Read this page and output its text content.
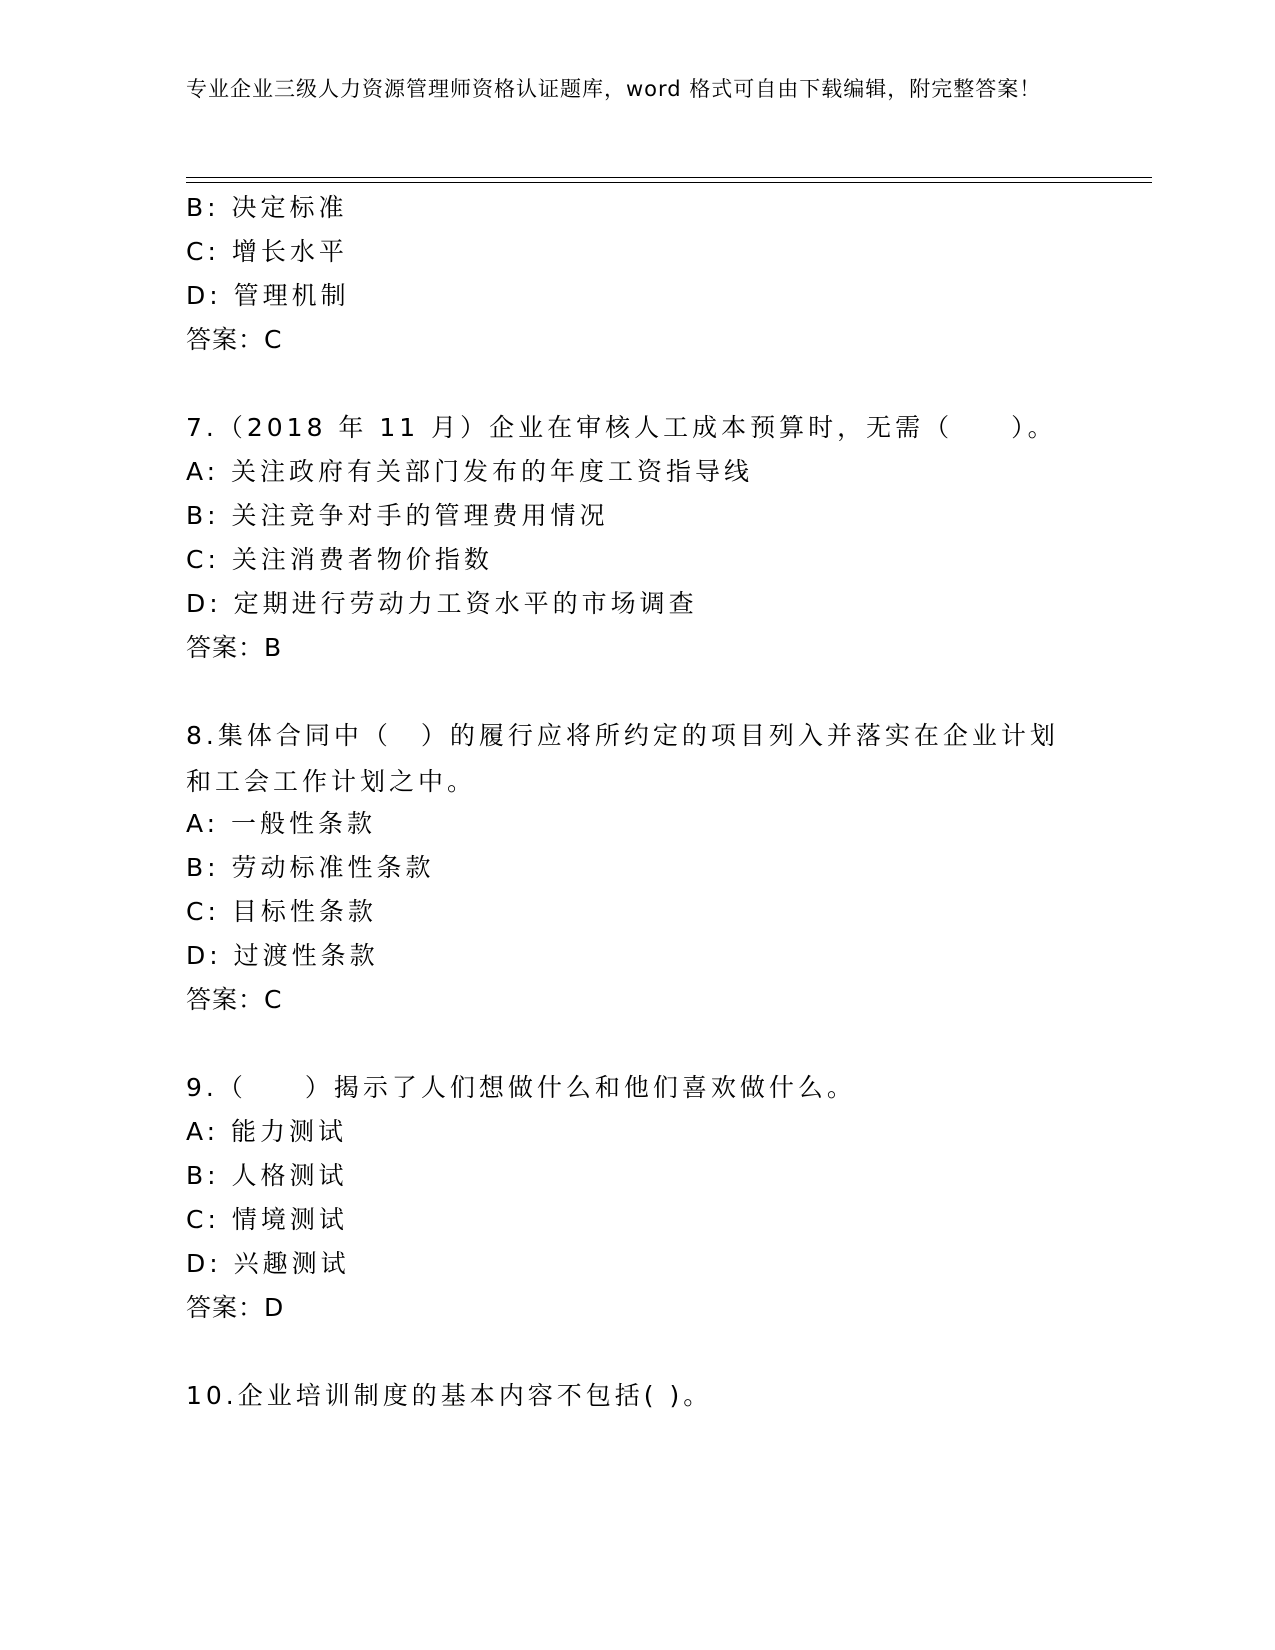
专业企业三级人力资源管理师资格认证题库，word 格式可自由下载编辑，附完整答案！
B: 决定标准
C: 增长水平
D: 管理机制
答案：C
7.（2018 年 11 月）企业在审核人工成本预算时，无需（　　）。
A: 关注政府有关部门发布的年度工资指导线
B: 关注竞争对手的管理费用情况
C: 关注消费者物价指数
D: 定期进行劳动力工资水平的市场调查
答案：B
8.集体合同中（　）的履行应将所约定的项目列入并落实在企业计划和工会工作计划之中。
A: 一般性条款
B: 劳动标准性条款
C: 目标性条款
D: 过渡性条款
答案：C
9.（　　）揭示了人们想做什么和他们喜欢做什么。
A: 能力测试
B: 人格测试
C: 情境测试
D: 兴趣测试
答案：D
10.企业培训制度的基本内容不包括( )。
